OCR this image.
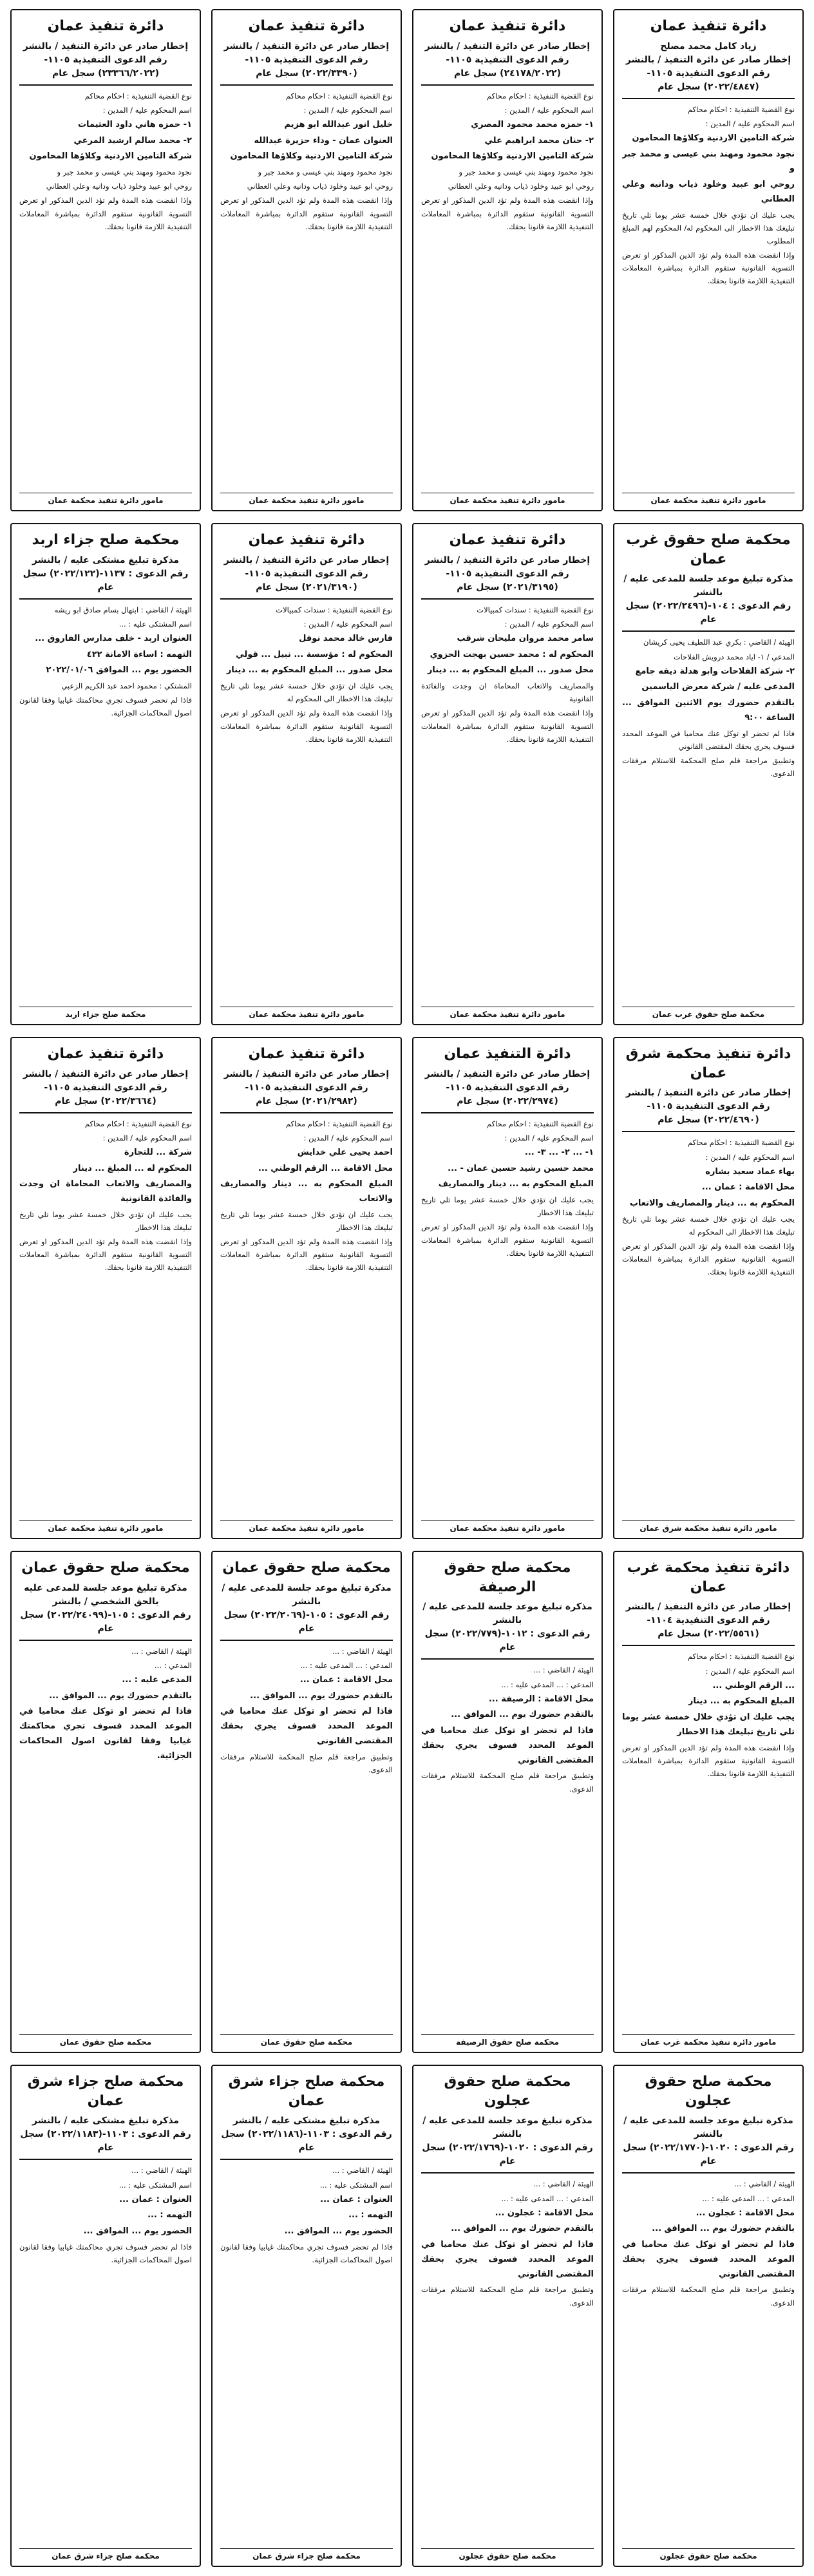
دائرة تنفيذ عمان
زياد كامل محمد مصلح
إخطار صادر عن دائرة التنفيذ / بالنشر
رقم الدعوى التنفيذية ١١٠٥-(٢٠٢٢/٤٨٤٧) سجل عام
نوع القضية التنفيذية : احكام محاكم
اسم المحكوم عليه / المدين :
شركة التامين الاردنية وكلاؤها المحامون
نجود محمود ومهند بني عيسى و محمد جبر و
روحي ابو عبيد وخلود ذياب ودانيه وعلي العطاني
يجب عليك ان تؤدي خلال خمسة عشر يوما تلي تاريخ تبليغك هذا الاخطار الى المحكوم له/ المحكوم لهم المبلغ المطلوب
وإذا انقضت هذه المدة ولم تؤد الدين المذكور او تعرض التسوية القانونية ستقوم الدائرة بمباشرة المعاملات التنفيذية اللازمة قانونا بحقك.
مامور دائرة تنفيذ محكمة عمان
دائرة تنفيذ عمان
إخطار صادر عن دائرة التنفيذ / بالنشر
رقم الدعوى التنفيذية ١١٠٥-(٢٤١٧٨/٢٠٢٢) سجل عام
نوع القضية التنفيذية : احكام محاكم
اسم المحكوم عليه / المدين :
١- حمزه محمد محمود المصري
٢- حنان محمد ابراهيم علي
شركة التامين الاردنية وكلاؤها المحامون
نجود محمود ومهند بني عيسى و محمد جبر و
روحي ابو عبيد وخلود ذياب ودانيه وعلي العطاني
وإذا انقضت هذه المدة ولم تؤد الدين المذكور او تعرض التسوية القانونية ستقوم الدائرة بمباشرة المعاملات التنفيذية اللازمة قانونا بحقك.
مامور دائرة تنفيذ محكمة عمان
دائرة تنفيذ عمان
إخطار صادر عن دائرة التنفيذ / بالنشر
رقم الدعوى التنفيذية ١١٠٥-(٢٠٢٢/٣٣٩٠) سجل عام
نوع القضية التنفيذية : احكام محاكم
اسم المحكوم عليه / المدين :
خليل انور عبدالله ابو هزيم
العنوان عمان - وداء حزيرة عبدالله
شركة التامين الاردنية وكلاؤها المحامون
نجود محمود ومهند بني عيسى و محمد جبر و
روحي ابو عبيد وخلود ذياب ودانيه وعلي العطاني
وإذا انقضت هذه المدة ولم تؤد الدين المذكور او تعرض التسوية القانونية ستقوم الدائرة بمباشرة المعاملات التنفيذية اللازمة قانونا بحقك.
مامور دائرة تنفيذ محكمة عمان
دائرة تنفيذ عمان
إخطار صادر عن دائرة التنفيذ / بالنشر
رقم الدعوى التنفيذية ١١٠٥-(٢٣٣٦٦/٢٠٢٢) سجل عام
نوع القضية التنفيذية : احكام محاكم
اسم المحكوم عليه / المدين :
١- حمزه هاني داود العثيمات
٢- محمد سالم ارشيد المرعي
شركة التامين الاردنية وكلاؤها المحامون
نجود محمود ومهند بني عيسى و محمد جبر و
روحي ابو عبيد وخلود ذياب ودانيه وعلي العطاني
وإذا انقضت هذه المدة ولم تؤد الدين المذكور او تعرض التسوية القانونية ستقوم الدائرة بمباشرة المعاملات التنفيذية اللازمة قانونا بحقك.
مامور دائرة تنفيذ محكمة عمان
محكمة صلح حقوق غرب عمان
مذكرة تبليغ موعد جلسة للمدعى عليه / بالنشر
رقم الدعوى : ١٠٤-(٢٠٢٢/٢٤٩٦) سجل عام
الهيئة / القاضي : بكري عبد اللطيف يحيى كريشان
المدعي / ١- اياد محمد درويش الفلاحات
٢- شركة الفلاحات وابو هدلة ديقه جامع
المدعى عليه / شركة معرض الياسمين
بالتقدم حضورك يوم الاثنين الموافق ... الساعة ٩:٠٠
فاذا لم تحضر او توكل عنك محاميا في الموعد المحدد فسوف يجري بحقك المقتضى القانوني
وتطبيق مراجعة قلم صلح المحكمة للاستلام مرفقات الدعوى.
محكمة صلح حقوق غرب عمان
دائرة تنفيذ عمان
إخطار صادر عن دائرة التنفيذ / بالنشر
رقم الدعوى التنفيذية ١١٠٥-(٢٠٢١/٣١٩٥) سجل عام
نوع القضية التنفيذية : سندات كمبيالات
اسم المحكوم عليه / المدين :
سامر محمد مروان مليحان شرقب
المحكوم له : محمد حسين بهجت الحزوي
محل صدور ... المبلغ المحكوم به ... دينار
والمصاريف والاتعاب المحاماة ان وجدت والفائدة القانونية
وإذا انقضت هذه المدة ولم تؤد الدين المذكور او تعرض التسوية القانونية ستقوم الدائرة بمباشرة المعاملات التنفيذية اللازمة قانونا بحقك.
مامور دائرة تنفيذ محكمة عمان
دائرة تنفيذ عمان
إخطار صادر عن دائرة التنفيذ / بالنشر
رقم الدعوى التنفيذية ١١٠٥-(٢٠٢١/٣١٩٠) سجل عام
نوع القضية التنفيذية : سندات كمبيالات
اسم المحكوم عليه / المدين :
فارس خالد محمد نوفل
المحكوم له : مؤسسة ... نبيل ... قولي
محل صدور ... المبلغ المحكوم به ... دينار
يجب عليك ان تؤدي خلال خمسة عشر يوما تلي تاريخ تبليغك هذا الاخطار الى المحكوم له
وإذا انقضت هذه المدة ولم تؤد الدين المذكور او تعرض التسوية القانونية ستقوم الدائرة بمباشرة المعاملات التنفيذية اللازمة قانونا بحقك.
مامور دائرة تنفيذ محكمة عمان
محكمة صلح جزاء اربد
مذكرة تبليغ مشتكى عليه / بالنشر
رقم الدعوى : ١١٣٧-(٢٠٢٢/١٢٢) سجل عام
الهيئة / القاضي : ابتهال بسام صادق ابو ريشه
اسم المشتكى عليه : ...
العنوان اربد - خلف مدارس الفاروق ...
التهمه : اساءة الامانة ٤٢٢
الحضور يوم ... الموافق ٢٠٢٢/٠١/٠٦
المشتكي : محمود احمد عبد الكريم الزعبي
فاذا لم تحضر فسوف تجري محاكمتك غيابيا وفقا لقانون اصول المحاكمات الجزائية.
محكمة صلح جزاء اربد
دائرة تنفيذ محكمة شرق عمان
إخطار صادر عن دائرة التنفيذ / بالنشر
رقم الدعوى التنفيذية ١١٠٥-(٢٠٢٢/٤٦٩٠) سجل عام
نوع القضية التنفيذية : احكام محاكم
اسم المحكوم عليه / المدين :
بهاء عماد سعيد بشاره
محل الاقامة : عمان ...
المحكوم به ... دينار والمصاريف والاتعاب
يجب عليك ان تؤدي خلال خمسة عشر يوما تلي تاريخ تبليغك هذا الاخطار الى المحكوم له
وإذا انقضت هذه المدة ولم تؤد الدين المذكور او تعرض التسوية القانونية ستقوم الدائرة بمباشرة المعاملات التنفيذية اللازمة قانونا بحقك.
مامور دائرة تنفيذ محكمة شرق عمان
دائرة التنفيذ عمان
إخطار صادر عن دائرة التنفيذ / بالنشر
رقم الدعوى التنفيذية ١١٠٥-(٢٠٢٢/٢٩٧٤) سجل عام
نوع القضية التنفيذية : احكام محاكم
اسم المحكوم عليه / المدين :
١- ... ٢- ... ٣- ...
محمد حسين رشيد حسين عمان - ...
المبلغ المحكوم به ... دينار والمصاريف
يجب عليك ان تؤدي خلال خمسة عشر يوما تلي تاريخ تبليغك هذا الاخطار
وإذا انقضت هذه المدة ولم تؤد الدين المذكور او تعرض التسوية القانونية ستقوم الدائرة بمباشرة المعاملات التنفيذية اللازمة قانونا بحقك.
مامور دائرة تنفيذ محكمة عمان
دائرة تنفيذ عمان
إخطار صادر عن دائرة التنفيذ / بالنشر
رقم الدعوى التنفيذية ١١٠٥-(٢٠٢١/٢٩٨٢) سجل عام
نوع القضية التنفيذية : احكام محاكم
اسم المحكوم عليه / المدين :
احمد يحيى علي خدايش
محل الاقامة ... الرقم الوطني ...
المبلغ المحكوم به ... دينار والمصاريف والاتعاب
يجب عليك ان تؤدي خلال خمسة عشر يوما تلي تاريخ تبليغك هذا الاخطار
وإذا انقضت هذه المدة ولم تؤد الدين المذكور او تعرض التسوية القانونية ستقوم الدائرة بمباشرة المعاملات التنفيذية اللازمة قانونا بحقك.
مامور دائرة تنفيذ محكمة عمان
دائرة تنفيذ عمان
إخطار صادر عن دائرة التنفيذ / بالنشر
رقم الدعوى التنفيذية ١١٠٥-(٢٠٢٢/٣٦٦٤) سجل عام
نوع القضية التنفيذية : احكام محاكم
اسم المحكوم عليه / المدين :
شركة ... للتجارة
المحكوم له ... المبلغ ... دينار
والمصاريف والاتعاب المحاماة ان وجدت والفائدة القانونية
يجب عليك ان تؤدي خلال خمسة عشر يوما تلي تاريخ تبليغك هذا الاخطار
وإذا انقضت هذه المدة ولم تؤد الدين المذكور او تعرض التسوية القانونية ستقوم الدائرة بمباشرة المعاملات التنفيذية اللازمة قانونا بحقك.
مامور دائرة تنفيذ محكمة عمان
دائرة تنفيذ محكمة غرب عمان
إخطار صادر عن دائرة التنفيذ / بالنشر
رقم الدعوى التنفيذية ١١٠٤-(٢٠٢٢/٥٥٦١) سجل عام
نوع القضية التنفيذية : احكام محاكم
اسم المحكوم عليه / المدين :
... الرقم الوطني ...
المبلغ المحكوم به ... دينار
يجب عليك ان تؤدي خلال خمسة عشر يوما تلي تاريخ تبليغك هذا الاخطار
وإذا انقضت هذه المدة ولم تؤد الدين المذكور او تعرض التسوية القانونية ستقوم الدائرة بمباشرة المعاملات التنفيذية اللازمة قانونا بحقك.
مامور دائرة تنفيذ محكمة غرب عمان
محكمة صلح حقوق الرصيفة
مذكرة تبليغ موعد جلسة للمدعى عليه / بالنشر
رقم الدعوى : ١٠١٢-(٢٠٢٢/٧٧٩) سجل عام
الهيئة / القاضي : ...
المدعي : ... المدعى عليه : ...
محل الاقامة : الرصيفة ...
بالتقدم حضورك يوم ... الموافق ...
فاذا لم تحضر او توكل عنك محاميا في الموعد المحدد فسوف يجري بحقك المقتضى القانوني
وتطبيق مراجعة قلم صلح المحكمة للاستلام مرفقات الدعوى.
محكمة صلح حقوق الرصيفة
محكمة صلح حقوق عمان
مذكرة تبليغ موعد جلسة للمدعى عليه / بالنشر
رقم الدعوى : ١٠٥-(٢٠٢٢/٢٠٦٩) سجل عام
الهيئة / القاضي : ...
المدعي : ... المدعى عليه : ...
محل الاقامة : عمان ...
بالتقدم حضورك يوم ... الموافق ...
فاذا لم تحضر او توكل عنك محاميا في الموعد المحدد فسوف يجري بحقك المقتضى القانوني
وتطبيق مراجعة قلم صلح المحكمة للاستلام مرفقات الدعوى.
محكمة صلح حقوق عمان
محكمة صلح حقوق عمان
مذكرة تبليغ موعد جلسة للمدعى عليه بالحق الشخصي / بالنشر
رقم الدعوى : ١٠٥-(٢٠٢٢/٢٤٠٩٩) سجل عام
الهيئة / القاضي : ...
المدعي : ...
المدعى عليه : ...
بالتقدم حضورك يوم ... الموافق ...
فاذا لم تحضر او توكل عنك محاميا في الموعد المحدد فسوف تجري محاكمتك غيابيا وفقا لقانون اصول المحاكمات الجزائية.
محكمة صلح حقوق عمان
محكمة صلح حقوق عجلون
مذكرة تبليغ موعد جلسة للمدعى عليه / بالنشر
رقم الدعوى : ١٠٢٠-(٢٠٢٢/١٧٧٠) سجل عام
الهيئة / القاضي : ...
المدعي : ... المدعى عليه : ...
محل الاقامة : عجلون ...
بالتقدم حضورك يوم ... الموافق ...
فاذا لم تحضر او توكل عنك محاميا في الموعد المحدد فسوف يجري بحقك المقتضى القانوني
وتطبيق مراجعة قلم صلح المحكمة للاستلام مرفقات الدعوى.
محكمة صلح حقوق عجلون
محكمة صلح حقوق عجلون
مذكرة تبليغ موعد جلسة للمدعى عليه / بالنشر
رقم الدعوى : ١٠٢٠-(٢٠٢٢/١٧٦٩) سجل عام
الهيئة / القاضي : ...
المدعي : ... المدعى عليه : ...
محل الاقامة : عجلون ...
بالتقدم حضورك يوم ... الموافق ...
فاذا لم تحضر او توكل عنك محاميا في الموعد المحدد فسوف يجري بحقك المقتضى القانوني
وتطبيق مراجعة قلم صلح المحكمة للاستلام مرفقات الدعوى.
محكمة صلح حقوق عجلون
محكمة صلح جزاء شرق عمان
مذكرة تبليغ مشتكى عليه / بالنشر
رقم الدعوى : ١١٠٣-(٢٠٢٢/١١٨٦) سجل عام
الهيئة / القاضي : ...
اسم المشتكى عليه : ...
العنوان : عمان ...
التهمه : ...
الحضور يوم ... الموافق ...
فاذا لم تحضر فسوف تجري محاكمتك غيابيا وفقا لقانون اصول المحاكمات الجزائية.
محكمة صلح جزاء شرق عمان
محكمة صلح جزاء شرق عمان
مذكرة تبليغ مشتكى عليه / بالنشر
رقم الدعوى : ١١٠٣-(٢٠٢٢/١١٨٣) سجل عام
الهيئة / القاضي : ...
اسم المشتكى عليه : ...
العنوان : عمان ...
التهمه : ...
الحضور يوم ... الموافق ...
فاذا لم تحضر فسوف تجري محاكمتك غيابيا وفقا لقانون اصول المحاكمات الجزائية.
محكمة صلح جزاء شرق عمان
